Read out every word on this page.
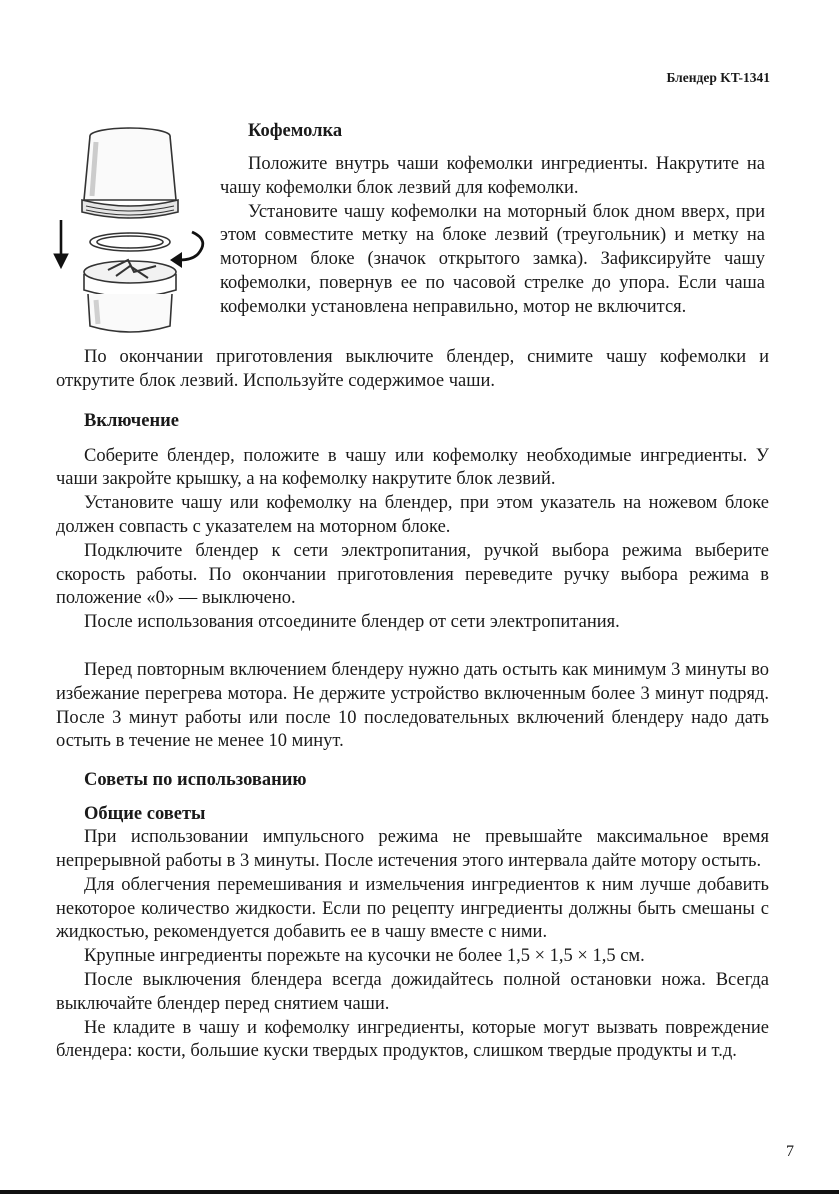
Блендер KT-1341
Кофемолка

Положите внутрь чаши кофемолки ингредиенты. Накрутите на чашу кофемолки блок лезвий для кофемолки.

Установите чашу кофемолки на моторный блок дном вверх, при этом совместите метку на блоке лезвий (треугольник) и метку на моторном блоке (значок открытого замка). Зафиксируйте чашу кофемолки, повернув ее по часовой стрелке до упора. Если чаша кофемолки установлена неправильно, мотор не включится.

По окончании приготовления выключите блендер, снимите чашу кофемолки и открутите блок лезвий. Используйте содержимое чаши.

Включение

Соберите блендер, положите в чашу или кофемолку необходимые ингредиенты. У чаши закройте крышку, а на кофемолку накрутите блок лезвий.

Установите чашу или кофемолку на блендер, при этом указатель на ножевом блоке должен совпасть с указателем на моторном блоке.

Подключите блендер к сети электропитания, ручкой выбора режима выберите скорость работы. По окончании приготовления переведите ручку выбора режима в положение «0» — выключено.

После использования отсоедините блендер от сети электропитания.

Перед повторным включением блендеру нужно дать остыть как минимум 3 минуты во избежание перегрева мотора. Не держите устройство включенным более 3 минут подряд. После 3 минут работы или после 10 последовательных включений блендеру надо дать остыть в течение не менее 10 минут.

Советы по использованию
Общие советы

При использовании импульсного режима не превышайте максимальное время непрерывной работы в 3 минуты. После истечения этого интервала дайте мотору остыть.

Для облегчения перемешивания и измельчения ингредиентов к ним лучше добавить некоторое количество жидкости. Если по рецепту ингредиенты должны быть смешаны с жидкостью, рекомендуется добавить ее в чашу вместе с ними.

Крупные ингредиенты порежьте на кусочки не более 1,5 × 1,5 × 1,5 см.

После выключения блендера всегда дожидайтесь полной остановки ножа. Всегда выключайте блендер перед снятием чаши.

Не кладите в чашу и кофемолку ингредиенты, которые могут вызвать повреждение блендера: кости, большие куски твердых продуктов, слишком твердые продукты и т.д.

7
